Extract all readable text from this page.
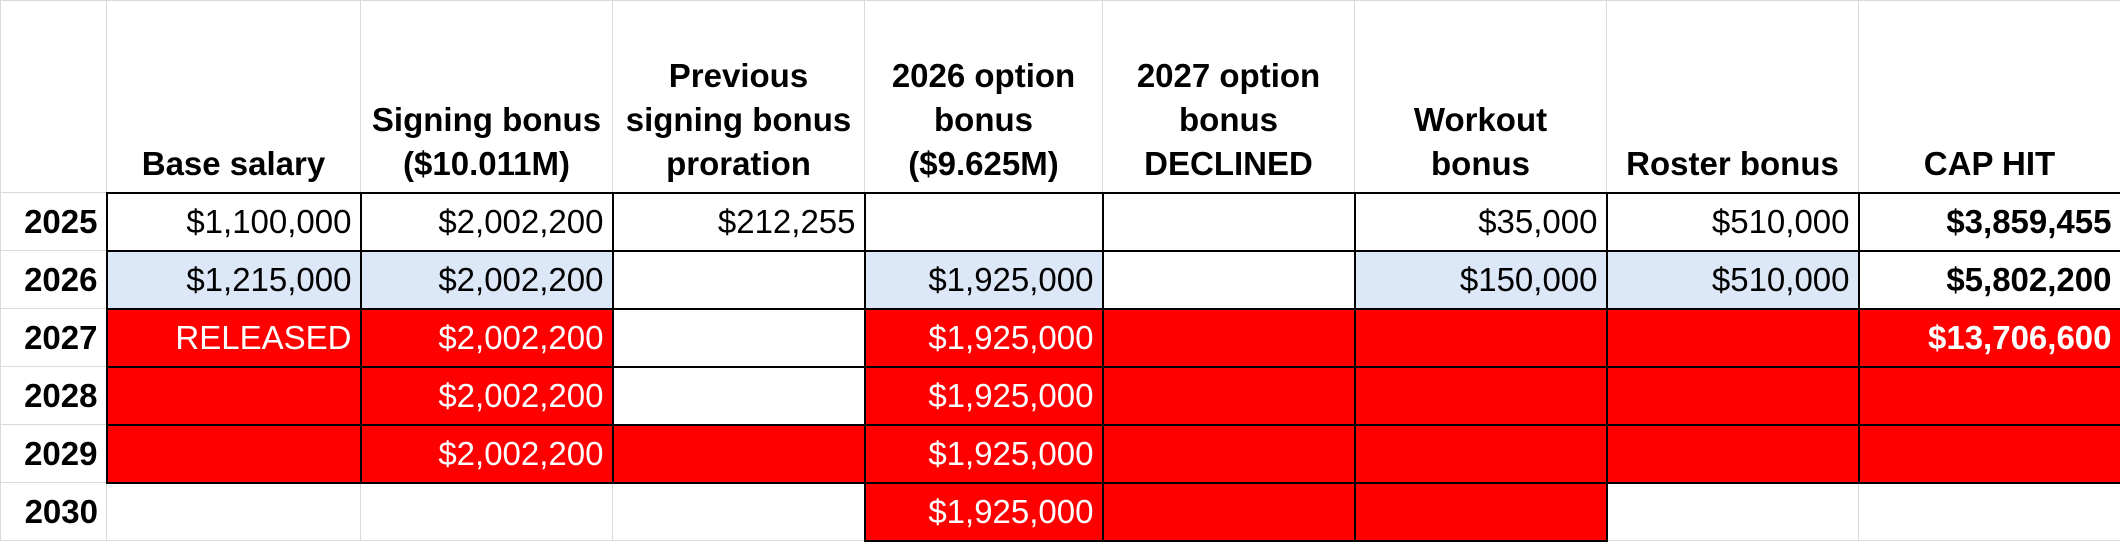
	Base salary	Signing bonus ($10.011M)	Previous signing bonus proration	2026 option bonus ($9.625M)	2027 option bonus DECLINED	Workout bonus	Roster bonus	CAP HIT
2025	$1,100,000	$2,002,200	$212,255			$35,000	$510,000	$3,859,455
2026	$1,215,000	$2,002,200		$1,925,000		$150,000	$510,000	$5,802,200
2027	RELEASED	$2,002,200		$1,925,000				$13,706,600
2028		$2,002,200		$1,925,000				
2029		$2,002,200		$1,925,000				
2030				$1,925,000				
